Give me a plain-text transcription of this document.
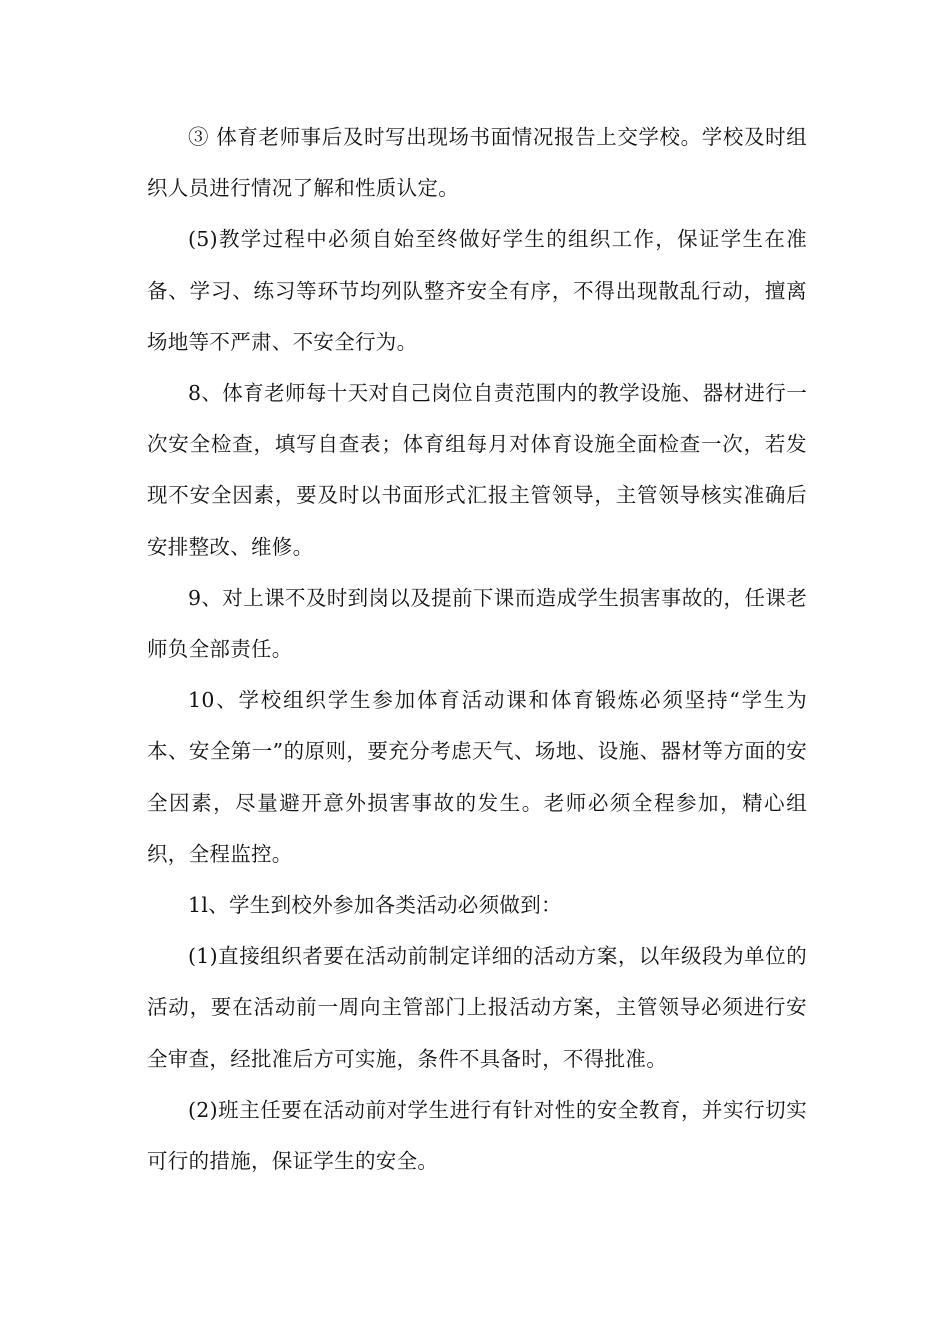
③ 体育老师事后及时写出现场书面情况报告上交学校。学校及时组织人员进行情况了解和性质认定。

(5)教学过程中必须自始至终做好学生的组织工作，保证学生在准备、学习、练习等环节均列队整齐安全有序，不得出现散乱行动，擅离场地等不严肃、不安全行为。

8、体育老师每十天对自己岗位自责范围内的教学设施、器材进行一次安全检查，填写自查表；体育组每月对体育设施全面检查一次，若发现不安全因素，要及时以书面形式汇报主管领导，主管领导核实准确后安排整改、维修。

9、对上课不及时到岗以及提前下课而造成学生损害事故的，任课老师负全部责任。

10、学校组织学生参加体育活动课和体育锻炼必须坚持“学生为本、安全第一”的原则，要充分考虑天气、场地、设施、器材等方面的安全因素，尽量避开意外损害事故的发生。老师必须全程参加，精心组织，全程监控。

1l、学生到校外参加各类活动必须做到：

(1)直接组织者要在活动前制定详细的活动方案，以年级段为单位的活动，要在活动前一周向主管部门上报活动方案，主管领导必须进行安全审查，经批准后方可实施，条件不具备时，不得批准。

(2)班主任要在活动前对学生进行有针对性的安全教育，并实行切实可行的措施，保证学生的安全。
